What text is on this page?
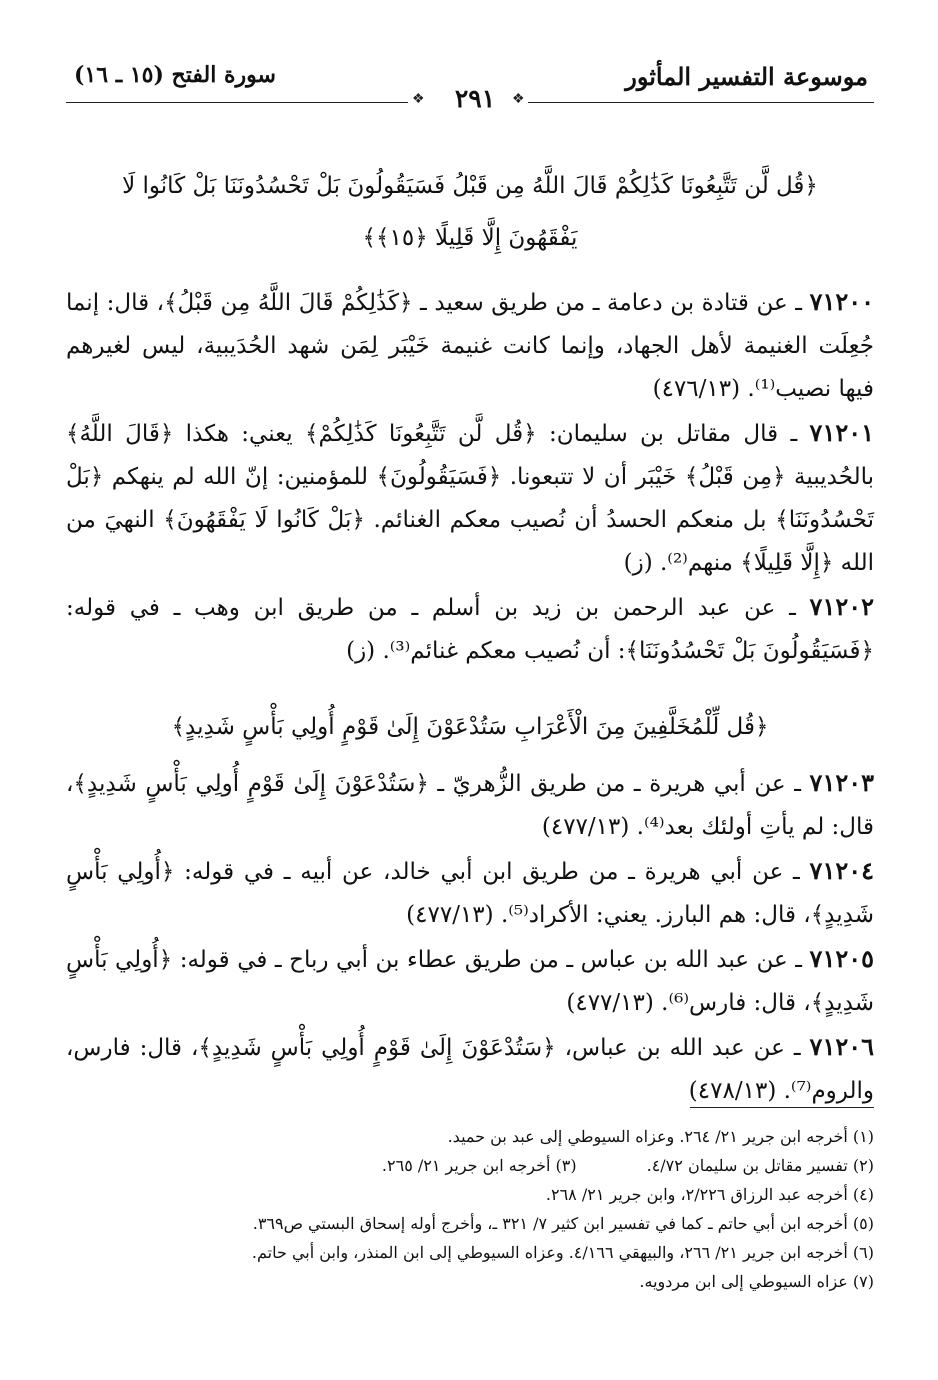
سورة الفتح (١٥ ـ ١٦)	موسوعة التفسير المأثور
❖	٢٩١	❖
﴿قُل لَّن تَتَّبِعُونَا كَذَٰلِكُمْ قَالَ اللَّهُ مِن قَبْلُ فَسَيَقُولُونَ بَلْ تَحْسُدُونَنَا بَلْ كَانُوا لَا يَفْقَهُونَ إِلَّا قَلِيلًا ﴿١٥﴾﴾

٧١٢٠٠ ـ عن قتادة بن دعامة ـ من طريق سعيد ـ ﴿كَذَٰلِكُمْ قَالَ اللَّهُ مِن قَبْلُ﴾، قال: إنما جُعِلَت الغنيمة لأهل الجهاد، وإنما كانت غنيمة خَيْبَر لِمَن شهد الحُدَيبية، ليس لغيرهم فيها نصيب⁽¹⁾. (٤٧٦/١٣)

٧١٢٠١ ـ قال مقاتل بن سليمان: ﴿قُل لَّن تَتَّبِعُونَا كَذَٰلِكُمْ﴾ يعني: هكذا ﴿قَالَ اللَّهُ﴾ بالحُديبية ﴿مِن قَبْلُ﴾ خَيْبَر أن لا تتبعونا. ﴿فَسَيَقُولُونَ﴾ للمؤمنين: إنّ الله لم ينهكم ﴿بَلْ تَحْسُدُونَنَا﴾ بل منعكم الحسدُ أن نُصيب معكم الغنائم. ﴿بَلْ كَانُوا لَا يَفْقَهُونَ﴾ النهيَ من الله ﴿إِلَّا قَلِيلًا﴾ منهم⁽²⁾. (ز)

٧١٢٠٢ ـ عن عبد الرحمن بن زيد بن أسلم ـ من طريق ابن وهب ـ في قوله: ﴿فَسَيَقُولُونَ بَلْ تَحْسُدُونَنَا﴾: أن نُصيب معكم غنائم⁽³⁾. (ز)

﴿قُل لِّلْمُخَلَّفِينَ مِنَ الْأَعْرَابِ سَتُدْعَوْنَ إِلَىٰ قَوْمٍ أُولِي بَأْسٍ شَدِيدٍ﴾

٧١٢٠٣ ـ عن أبي هريرة ـ من طريق الزُّهريّ ـ ﴿سَتُدْعَوْنَ إِلَىٰ قَوْمٍ أُولِي بَأْسٍ شَدِيدٍ﴾، قال: لم يأتِ أولئك بعد⁽⁴⁾. (٤٧٧/١٣)

٧١٢٠٤ ـ عن أبي هريرة ـ من طريق ابن أبي خالد، عن أبيه ـ في قوله: ﴿أُولِي بَأْسٍ شَدِيدٍ﴾، قال: هم البارز. يعني: الأكراد⁽⁵⁾. (٤٧٧/١٣)

٧١٢٠٥ ـ عن عبد الله بن عباس ـ من طريق عطاء بن أبي رباح ـ في قوله: ﴿أُولِي بَأْسٍ شَدِيدٍ﴾، قال: فارس⁽⁶⁾. (٤٧٧/١٣)

٧١٢٠٦ ـ عن عبد الله بن عباس، ﴿سَتُدْعَوْنَ إِلَىٰ قَوْمٍ أُولِي بَأْسٍ شَدِيدٍ﴾، قال: فارس، والروم⁽⁷⁾. (٤٧٨/١٣)

(١) أخرجه ابن جرير ٢١/ ٢٦٤. وعزاه السيوطي إلى عبد بن حميد.
(٢) تفسير مقاتل بن سليمان ٤/٧٢.
(٣) أخرجه ابن جرير ٢١/ ٢٦٥.
(٤) أخرجه عبد الرزاق ٢/٢٢٦، وابن جرير ٢١/ ٢٦٨.
(٥) أخرجه ابن أبي حاتم ـ كما في تفسير ابن كثير ٧/ ٣٢١ ـ، وأخرج أوله إسحاق البستي ص٣٦٩.
(٦) أخرجه ابن جرير ٢١/ ٢٦٦، والبيهقي ٤/١٦٦. وعزاه السيوطي إلى ابن المنذر، وابن أبي حاتم.
(٧) عزاه السيوطي إلى ابن مردويه.
